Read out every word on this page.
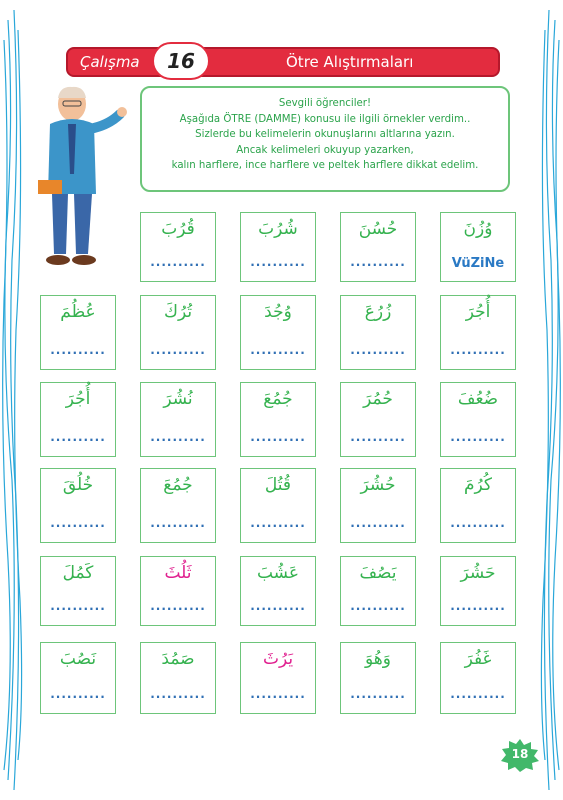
Çalışma 16	Ötre Alıştırmaları
Sevgili öğrenciler!
Aşağıda ÖTRE (DAMME) konusu ile ilgili örnekler verdim..
Sizlerde bu kelimelerin okunuşlarını altlarına yazın.
Ancak kelimeleri okuyup yazarken,
kalın harflere, ince harflere ve peltek harflere dikkat edelim.
قُرُبَ
..........
شُرُبَ
..........
حُسُنَ
..........
وُزُنَ
VüZiNe
عُظُمَ
..........
تُرُكَ
..........
وُجُدَ
..........
زُرُعَ
..........
أُجُرَ
..........
أُجُرَ
..........
نُشُرَ
..........
جُمُعَ
..........
حُمُرَ
..........
ضُعُفَ
..........
خُلُقَ
..........
جُمُعَ
..........
قُتُلَ
..........
حُشُرَ
..........
كُرُمَ
..........
كَمُلَ
..........
ثَلُثَ
..........
عَشُبَ
..........
يَصُفَ
..........
حَشُرَ
..........
نَصُبَ
..........
صَمُدَ
..........
يَرُثَ
..........
وَهُوَ
..........
غَفُرَ
..........
18
